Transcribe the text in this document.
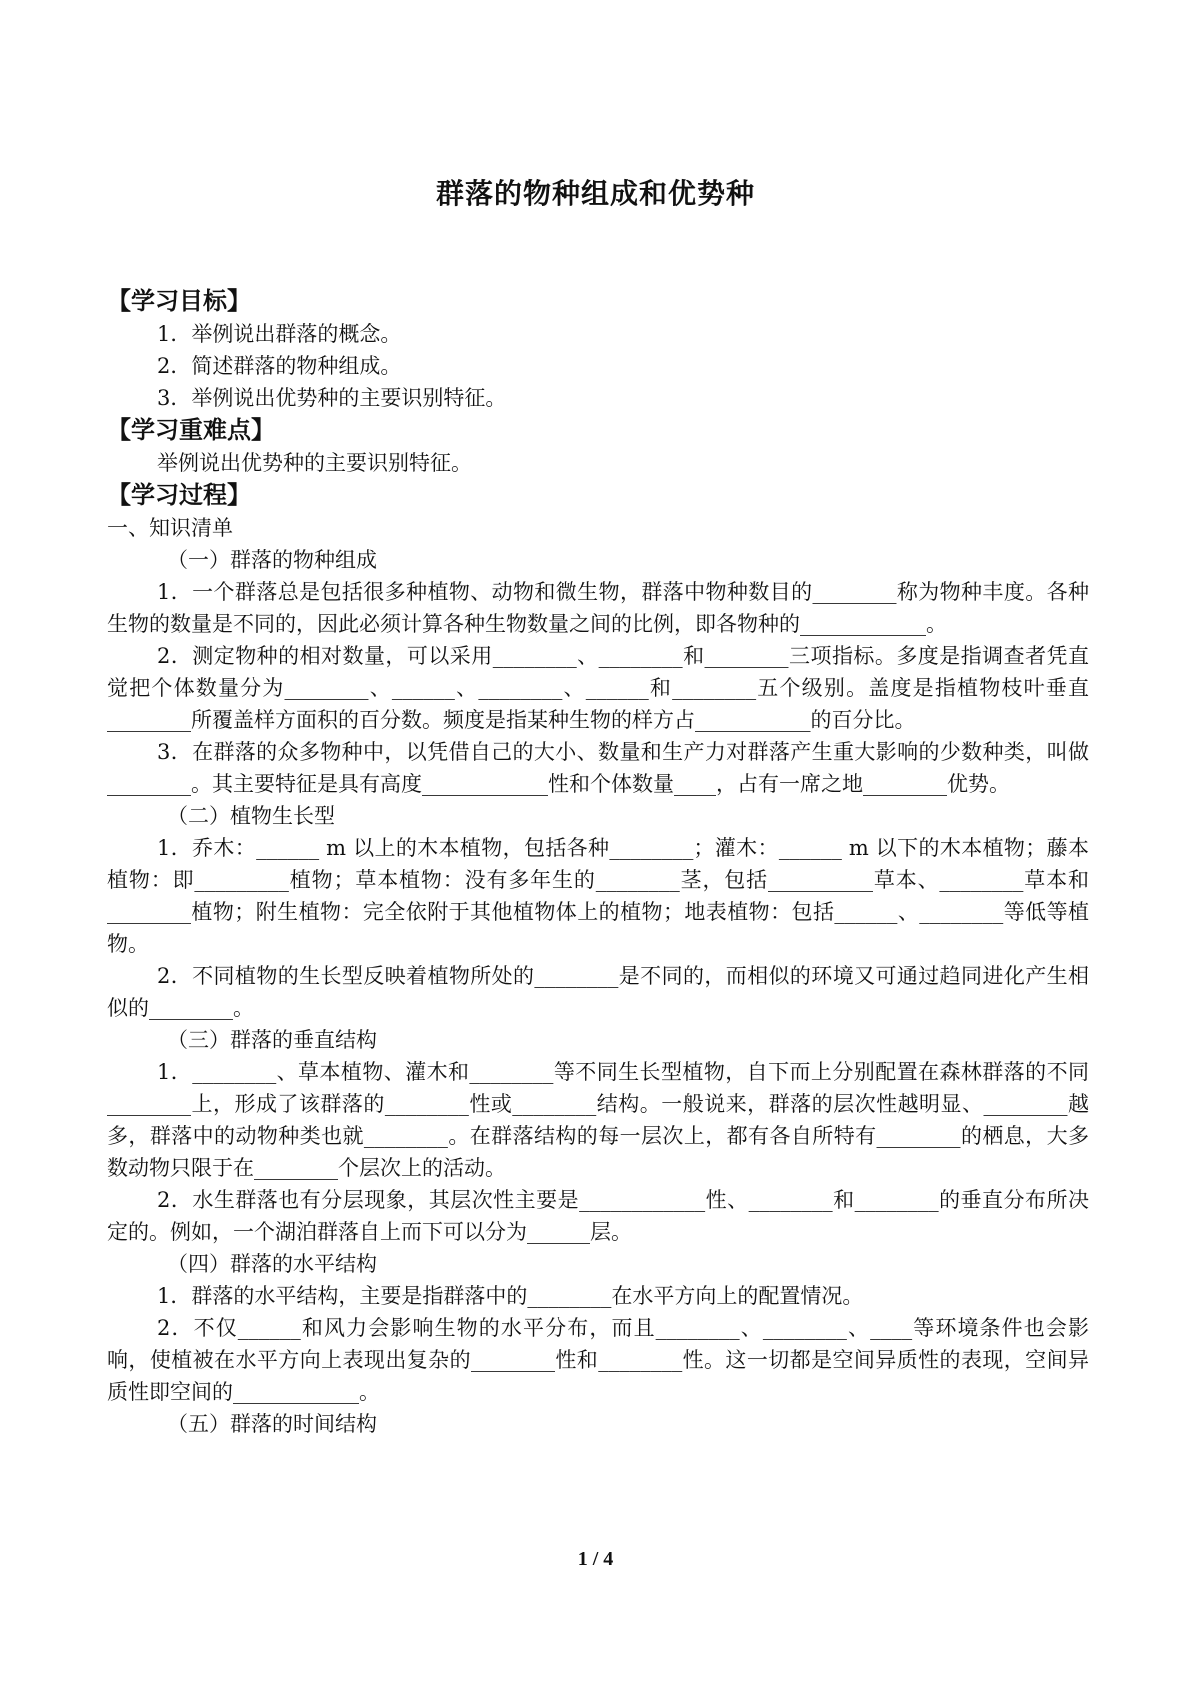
群落的物种组成和优势种
【学习目标】
1．举例说出群落的概念。
2．简述群落的物种组成。
3．举例说出优势种的主要识别特征。
【学习重难点】
举例说出优势种的主要识别特征。
【学习过程】
一、知识清单
（一）群落的物种组成
1．一个群落总是包括很多种植物、动物和微生物，群落中物种数目的________称为物种丰度。各种生物的数量是不同的，因此必须计算各种生物数量之间的比例，即各物种的____________。
2．测定物种的相对数量，可以采用________、________和________三项指标。多度是指调查者凭直觉把个体数量分为________、______、________、______和________五个级别。盖度是指植物枝叶垂直________所覆盖样方面积的百分数。频度是指某种生物的样方占___________的百分比。
3．在群落的众多物种中，以凭借自己的大小、数量和生产力对群落产生重大影响的少数种类，叫做________。其主要特征是具有高度____________性和个体数量____，占有一席之地________优势。
（二）植物生长型
1．乔木：______ m 以上的木本植物，包括各种________；灌木：______ m 以下的木本植物；藤本植物：即_________植物；草本植物：没有多年生的________茎，包括__________草本、________草本和________植物；附生植物：完全依附于其他植物体上的植物；地表植物：包括______、________等低等植物。
2．不同植物的生长型反映着植物所处的________是不同的，而相似的环境又可通过趋同进化产生相似的________。
（三）群落的垂直结构
1．________、草本植物、灌木和________等不同生长型植物，自下而上分别配置在森林群落的不同________上，形成了该群落的________性或________结构。一般说来，群落的层次性越明显、________越多，群落中的动物种类也就________。在群落结构的每一层次上，都有各自所特有________的栖息，大多数动物只限于在________个层次上的活动。
2．水生群落也有分层现象，其层次性主要是____________性、________和________的垂直分布所决定的。例如，一个湖泊群落自上而下可以分为______层。
（四）群落的水平结构
1．群落的水平结构，主要是指群落中的________在水平方向上的配置情况。
2．不仅______和风力会影响生物的水平分布，而且________、________、____等环境条件也会影响，使植被在水平方向上表现出复杂的________性和________性。这一切都是空间异质性的表现，空间异质性即空间的____________。
（五）群落的时间结构
1 / 4
